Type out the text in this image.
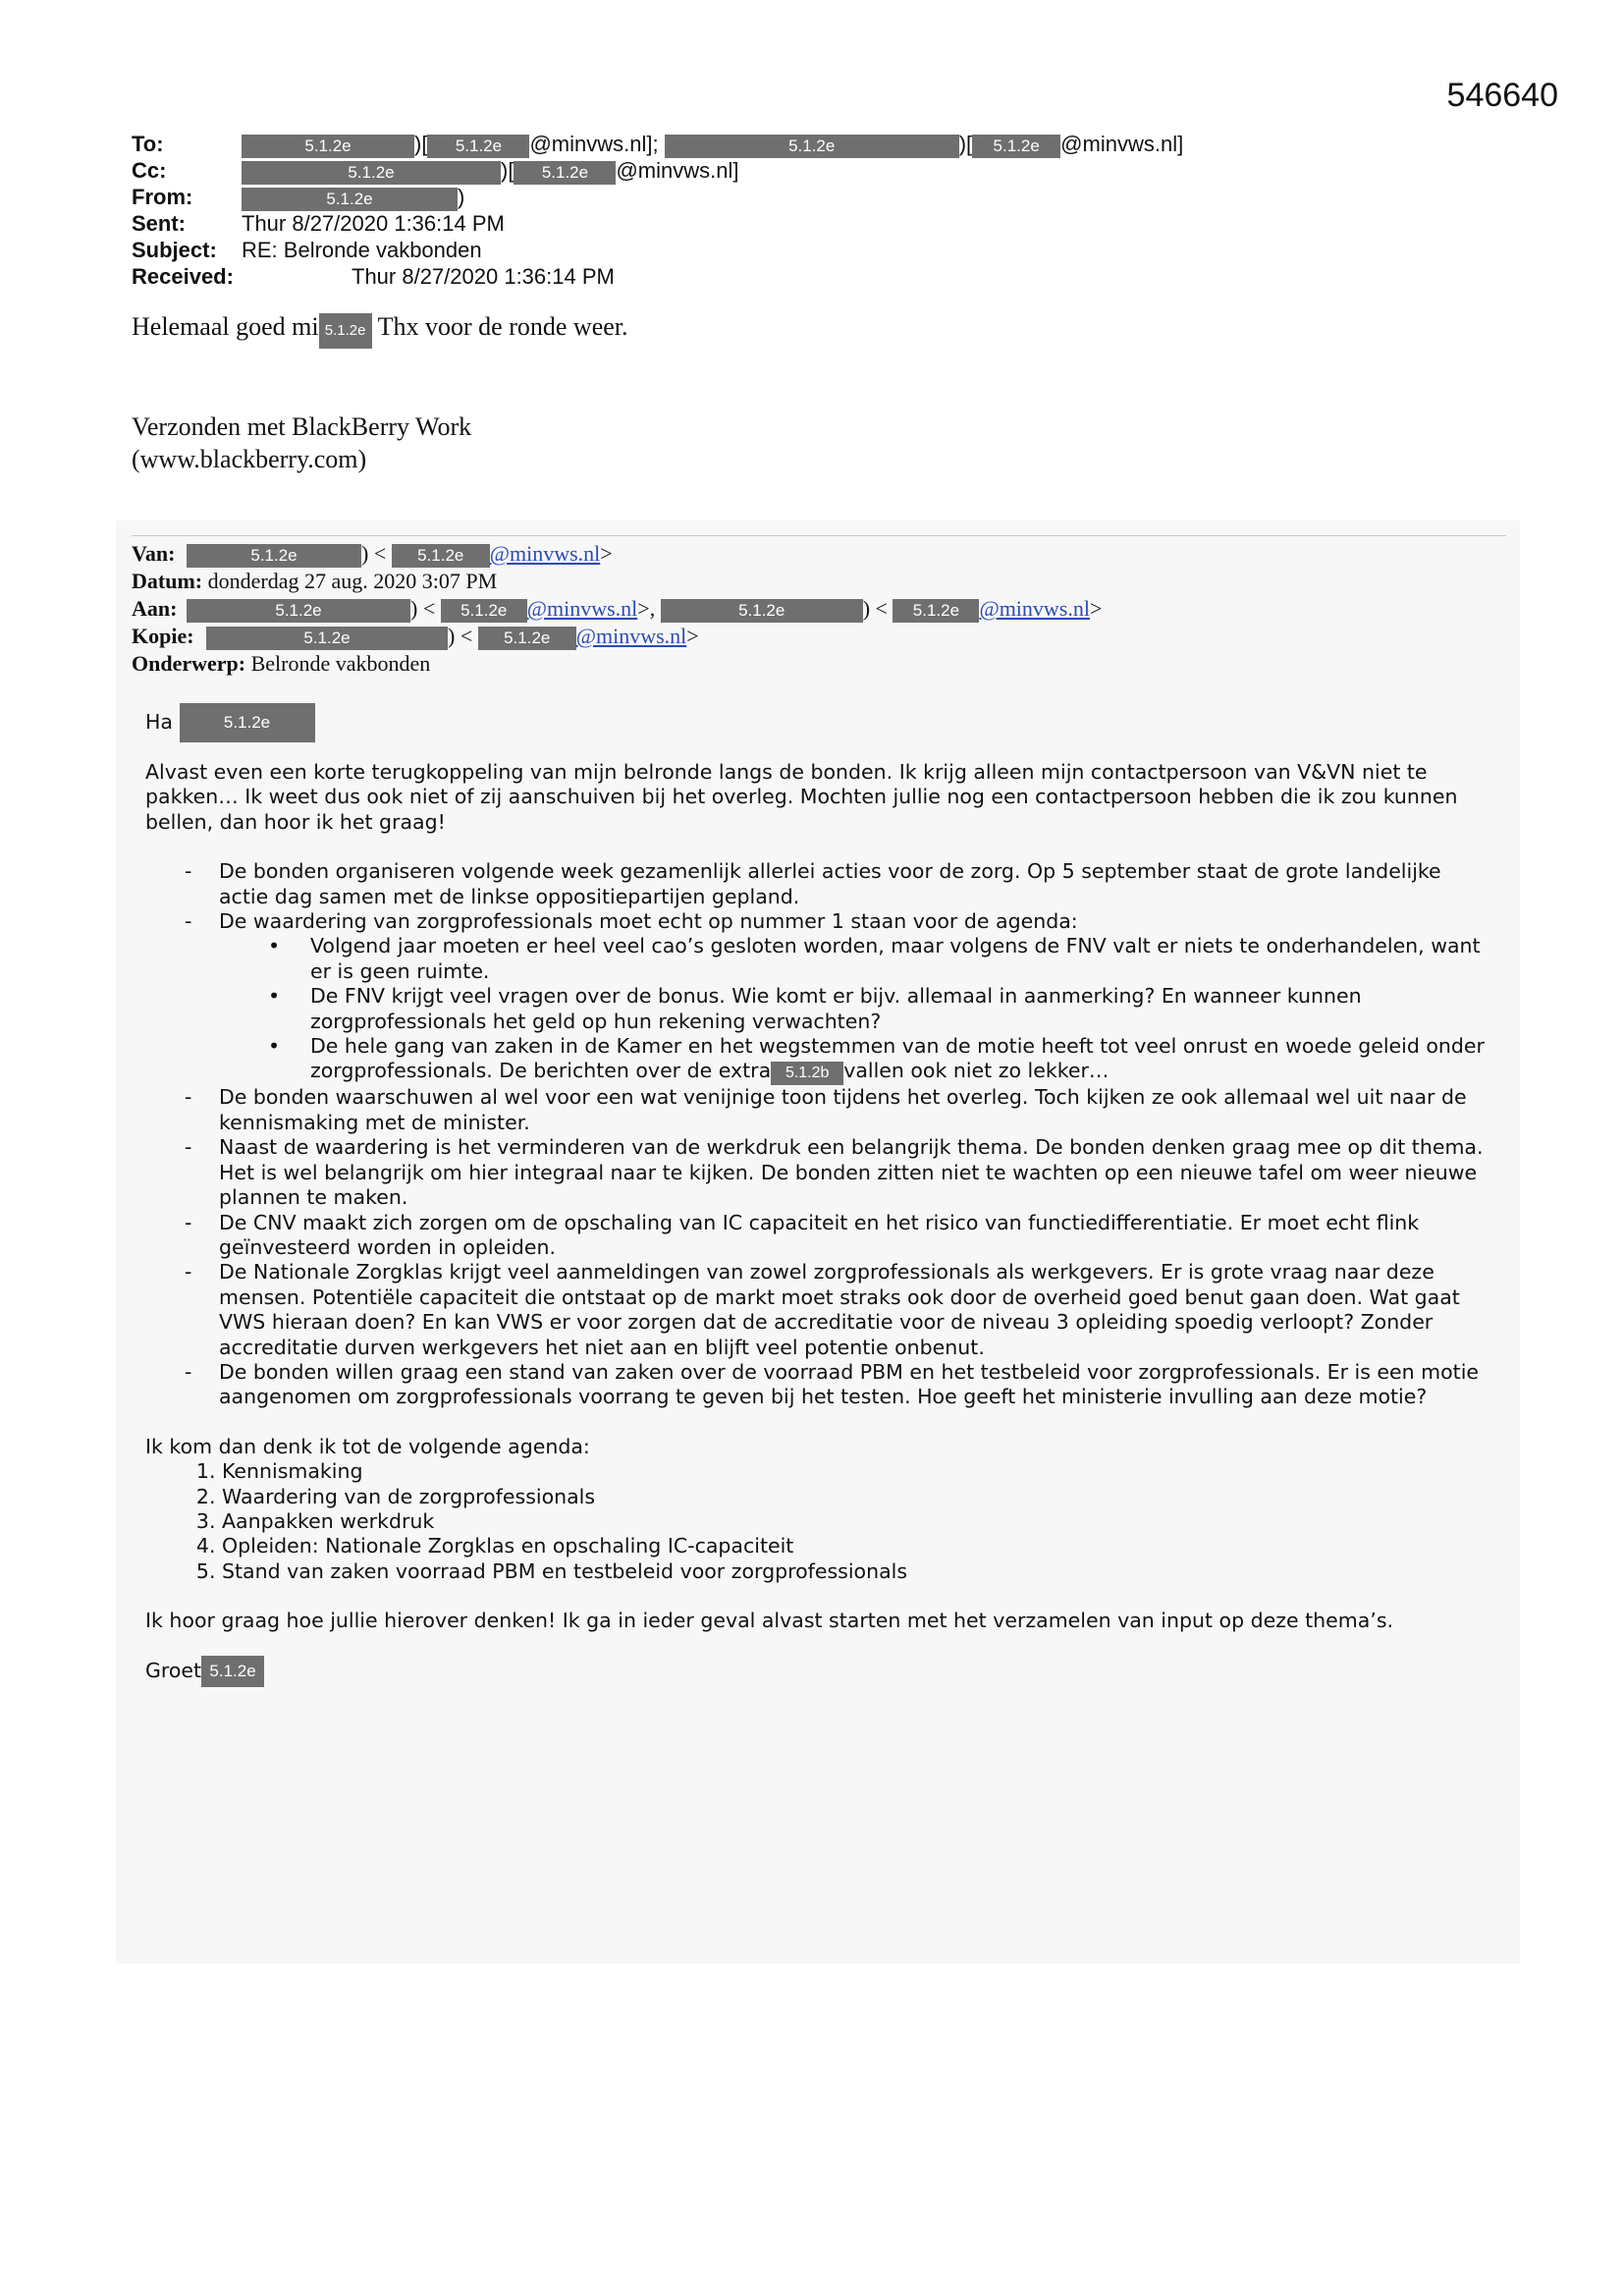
546640
To:	5.1.2e	)[ 5.1.2e @minvws.nl];	5.1.2e	)[ 5.1.2e @minvws.nl]
Cc:	5.1.2e	)[ 5.1.2e @minvws.nl]
From:	5.1.2e	)
Sent:	Thur 8/27/2020 1:36:14 PM
Subject: RE: Belronde vakbonden
Received:	Thur 8/27/2020 1:36:14 PM
Helemaal goed mi 5.1.2e Thx voor de ronde weer.
Verzonden met BlackBerry Work
(www.blackberry.com)
Van:	5.1.2e	) < 5.1.2e @minvws.nl>
Datum: donderdag 27 aug. 2020 3:07 PM
Aan:	5.1.2e	) < 5.1.2e @minvws.nl>,	5.1.2e	) < 5.1.2e @minvws.nl>
Kopie:	5.1.2e	) < 5.1.2e @minvws.nl>
Onderwerp: Belronde vakbonden

Ha	5.1.2e

Alvast even een korte terugkoppeling van mijn belronde langs de bonden. Ik krijg alleen mijn contactpersoon van V&VN niet te pakken… Ik weet dus ook niet of zij aanschuiven bij het overleg. Mochten jullie nog een contactpersoon hebben die ik zou kunnen bellen, dan hoor ik het graag!

- De bonden organiseren volgende week gezamenlijk allerlei acties voor de zorg. Op 5 september staat de grote landelijke actie dag samen met de linkse oppositiepartijen gepland.
- De waardering van zorgprofessionals moet echt op nummer 1 staan voor de agenda:
• Volgend jaar moeten er heel veel cao’s gesloten worden, maar volgens de FNV valt er niets te onderhandelen, want er is geen ruimte.
• De FNV krijgt veel vragen over de bonus. Wie komt er bijv. allemaal in aanmerking? En wanneer kunnen zorgprofessionals het geld op hun rekening verwachten?
• De hele gang van zaken in de Kamer en het wegstemmen van de motie heeft tot veel onrust en woede geleid onder zorgprofessionals. De berichten over de extra 5.1.2b vallen ook niet zo lekker…
- De bonden waarschuwen al wel voor een wat venijnige toon tijdens het overleg. Toch kijken ze ook allemaal wel uit naar de kennismaking met de minister.
- Naast de waardering is het verminderen van de werkdruk een belangrijk thema. De bonden denken graag mee op dit thema. Het is wel belangrijk om hier integraal naar te kijken. De bonden zitten niet te wachten op een nieuwe tafel om weer nieuwe plannen te maken.
- De CNV maakt zich zorgen om de opschaling van IC capaciteit en het risico van functiedifferentiatie. Er moet echt flink geïnvesteerd worden in opleiden.
- De Nationale Zorgklas krijgt veel aanmeldingen van zowel zorgprofessionals als werkgevers. Er is grote vraag naar deze mensen. Potentiële capaciteit die ontstaat op de markt moet straks ook door de overheid goed benut gaan doen. Wat gaat VWS hieraan doen? En kan VWS er voor zorgen dat de accreditatie voor de niveau 3 opleiding spoedig verloopt? Zonder accreditatie durven werkgevers het niet aan en blijft veel potentie onbenut.
- De bonden willen graag een stand van zaken over de voorraad PBM en het testbeleid voor zorgprofessionals. Er is een motie aangenomen om zorgprofessionals voorrang te geven bij het testen. Hoe geeft het ministerie invulling aan deze motie?

Ik kom dan denk ik tot de volgende agenda:

1. Kennismaking
2. Waardering van de zorgprofessionals
3. Aanpakken werkdruk
4. Opleiden: Nationale Zorgklas en opschaling IC-capaciteit
5. Stand van zaken voorraad PBM en testbeleid voor zorgprofessionals

Ik hoor graag hoe jullie hierover denken! Ik ga in ieder geval alvast starten met het verzamelen van input op deze thema’s.

Groet 5.1.2e
